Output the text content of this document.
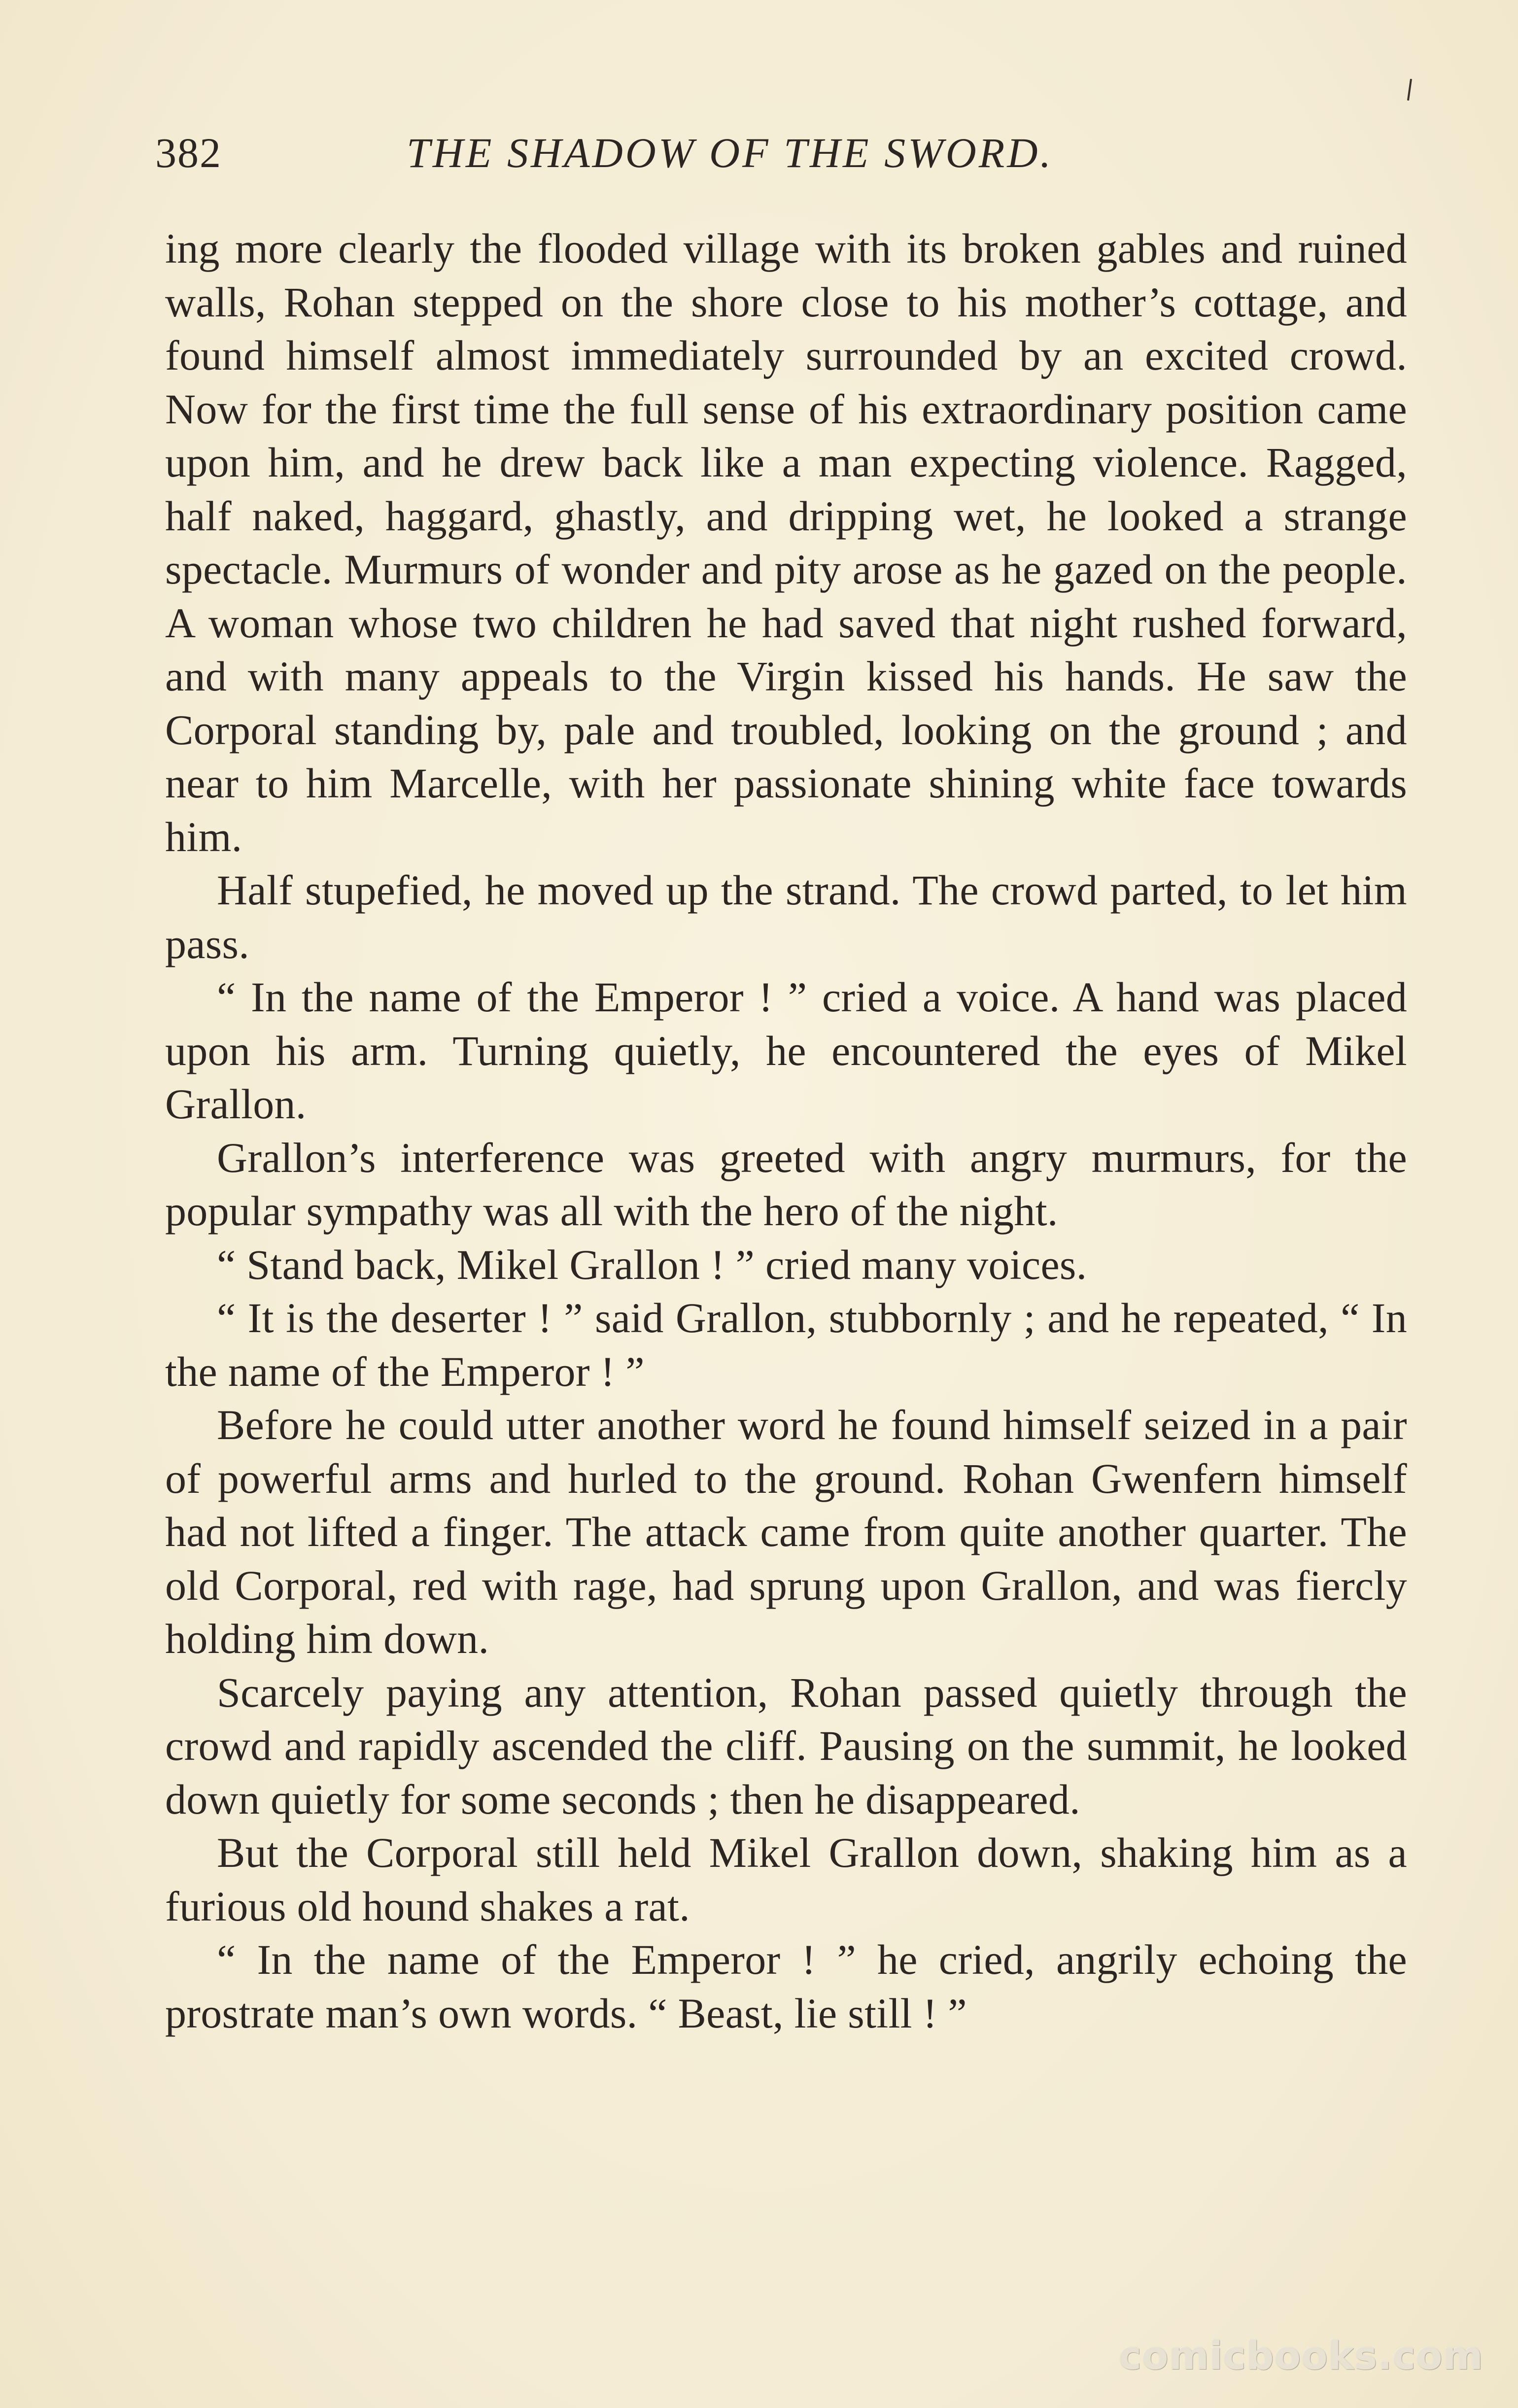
382	THE SHADOW OF THE SWORD.

ing more clearly the flooded village with its broken gables and ruined walls, Rohan stepped on the shore close to his mother’s cottage, and found himself almost immediately surrounded by an excited crowd. Now for the first time the full sense of his extraordinary position came upon him, and he drew back like a man expecting violence. Ragged, half naked, haggard, ghastly, and dripping wet, he looked a strange spectacle. Murmurs of wonder and pity arose as he gazed on the people. A woman whose two children he had saved that night rushed forward, and with many appeals to the Virgin kissed his hands. He saw the Corporal standing by, pale and troubled, looking on the ground ; and near to him Marcelle, with her passionate shining white face towards him.

Half stupefied, he moved up the strand. The crowd parted, to let him pass.

“ In the name of the Emperor ! ” cried a voice. A hand was placed upon his arm. Turning quietly, he encountered the eyes of Mikel Grallon.

Grallon’s interference was greeted with angry murmurs, for the popular sympathy was all with the hero of the night.

“ Stand back, Mikel Grallon ! ” cried many voices.

“ It is the deserter ! ” said Grallon, stubbornly ; and he repeated, “ In the name of the Emperor ! ”

Before he could utter another word he found himself seized in a pair of powerful arms and hurled to the ground. Rohan Gwenfern himself had not lifted a finger. The attack came from quite another quarter. The old Corporal, red with rage, had sprung upon Grallon, and was fiercly holding him down.

Scarcely paying any attention, Rohan passed quietly through the crowd and rapidly ascended the cliff. Pausing on the summit, he looked down quietly for some seconds ; then he disappeared.

But the Corporal still held Mikel Grallon down, shaking him as a furious old hound shakes a rat.

“ In the name of the Emperor ! ” he cried, angrily echoing the prostrate man’s own words. “ Beast, lie still ! ”

comicbooks.com
